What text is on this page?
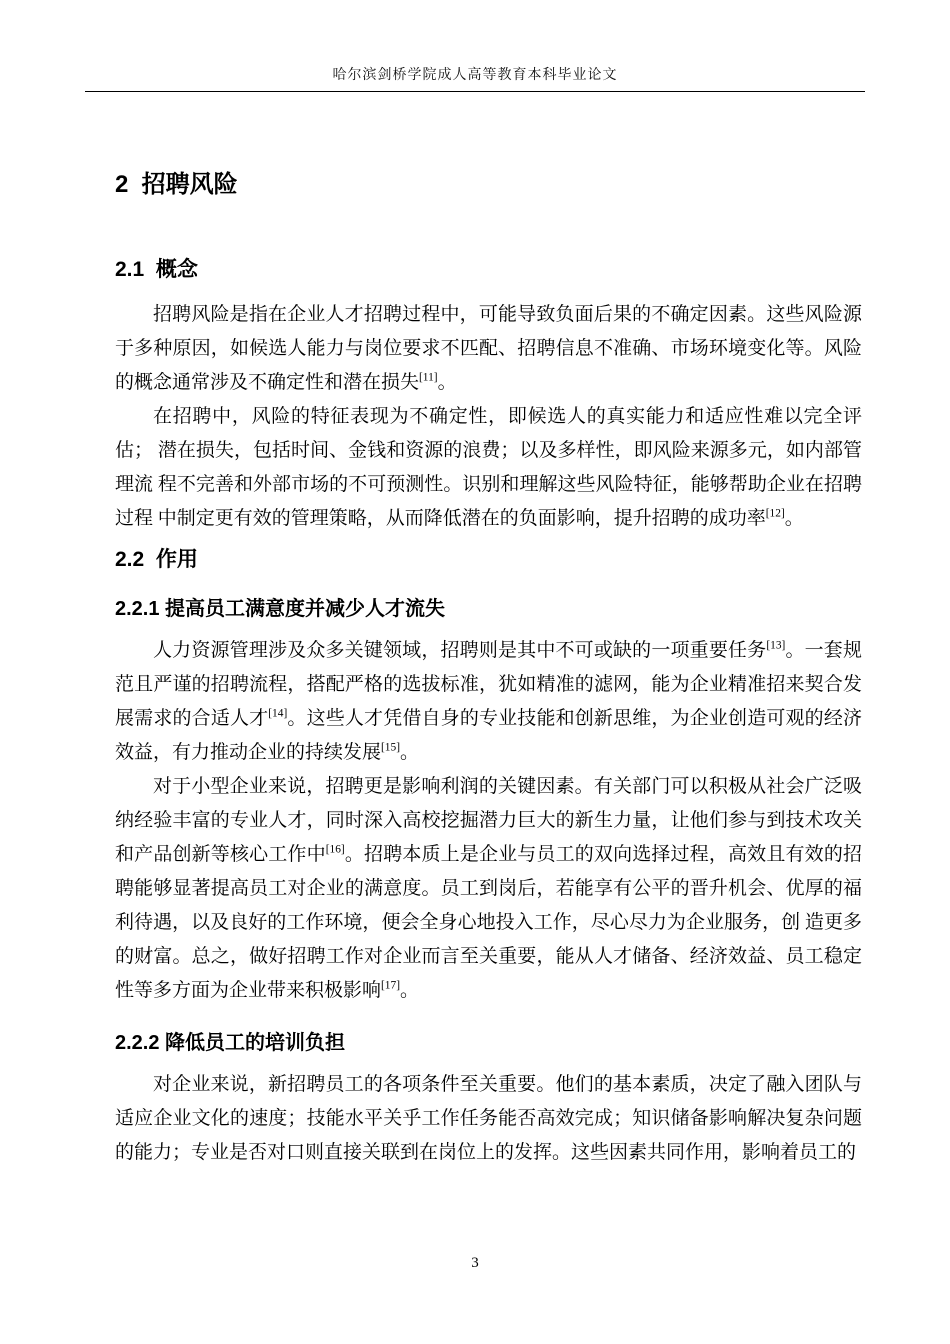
哈尔滨剑桥学院成人高等教育本科毕业论文
2  招聘风险
2.1  概念

招聘风险是指在企业人才招聘过程中，可能导致负面后果的不确定因素。这些风险源于多种原因，如候选人能力与岗位要求不匹配、招聘信息不准确、市场环境变化等。风险的概念通常涉及不确定性和潜在损失[11]。

在招聘中，风险的特征表现为不确定性，即候选人的真实能力和适应性难以完全评估； 潜在损失，包括时间、金钱和资源的浪费；以及多样性，即风险来源多元，如内部管理流 程不完善和外部市场的不可预测性。识别和理解这些风险特征，能够帮助企业在招聘过程 中制定更有效的管理策略，从而降低潜在的负面影响，提升招聘的成功率[12]。

2.2  作用
2.2.1 提高员工满意度并减少人才流失

人力资源管理涉及众多关键领域，招聘则是其中不可或缺的一项重要任务[13]。一套规范且严谨的招聘流程，搭配严格的选拔标准，犹如精准的滤网，能为企业精准招来契合发展需求的合适人才[14]。这些人才凭借自身的专业技能和创新思维，为企业创造可观的经济 效益，有力推动企业的持续发展[15]。

对于小型企业来说，招聘更是影响利润的关键因素。有关部门可以积极从社会广泛吸纳经验丰富的专业人才，同时深入高校挖掘潜力巨大的新生力量，让他们参与到技术攻关和产品创新等核心工作中[16]。招聘本质上是企业与员工的双向选择过程，高效且有效的招 聘能够显著提高员工对企业的满意度。员工到岗后，若能享有公平的晋升机会、优厚的福 利待遇，以及良好的工作环境，便会全身心地投入工作，尽心尽力为企业服务，创 造更多 的财富。总之，做好招聘工作对企业而言至关重要，能从人才储备、经济效益、员工稳定 性等多方面为企业带来积极影响[17]。

2.2.2 降低员工的培训负担

对企业来说，新招聘员工的各项条件至关重要。他们的基本素质，决定了融入团队与适应企业文化的速度；技能水平关乎工作任务能否高效完成；知识储备影响解决复杂问题的能力；专业是否对口则直接关联到在岗位上的发挥。这些因素共同作用，影响着员工的

3
